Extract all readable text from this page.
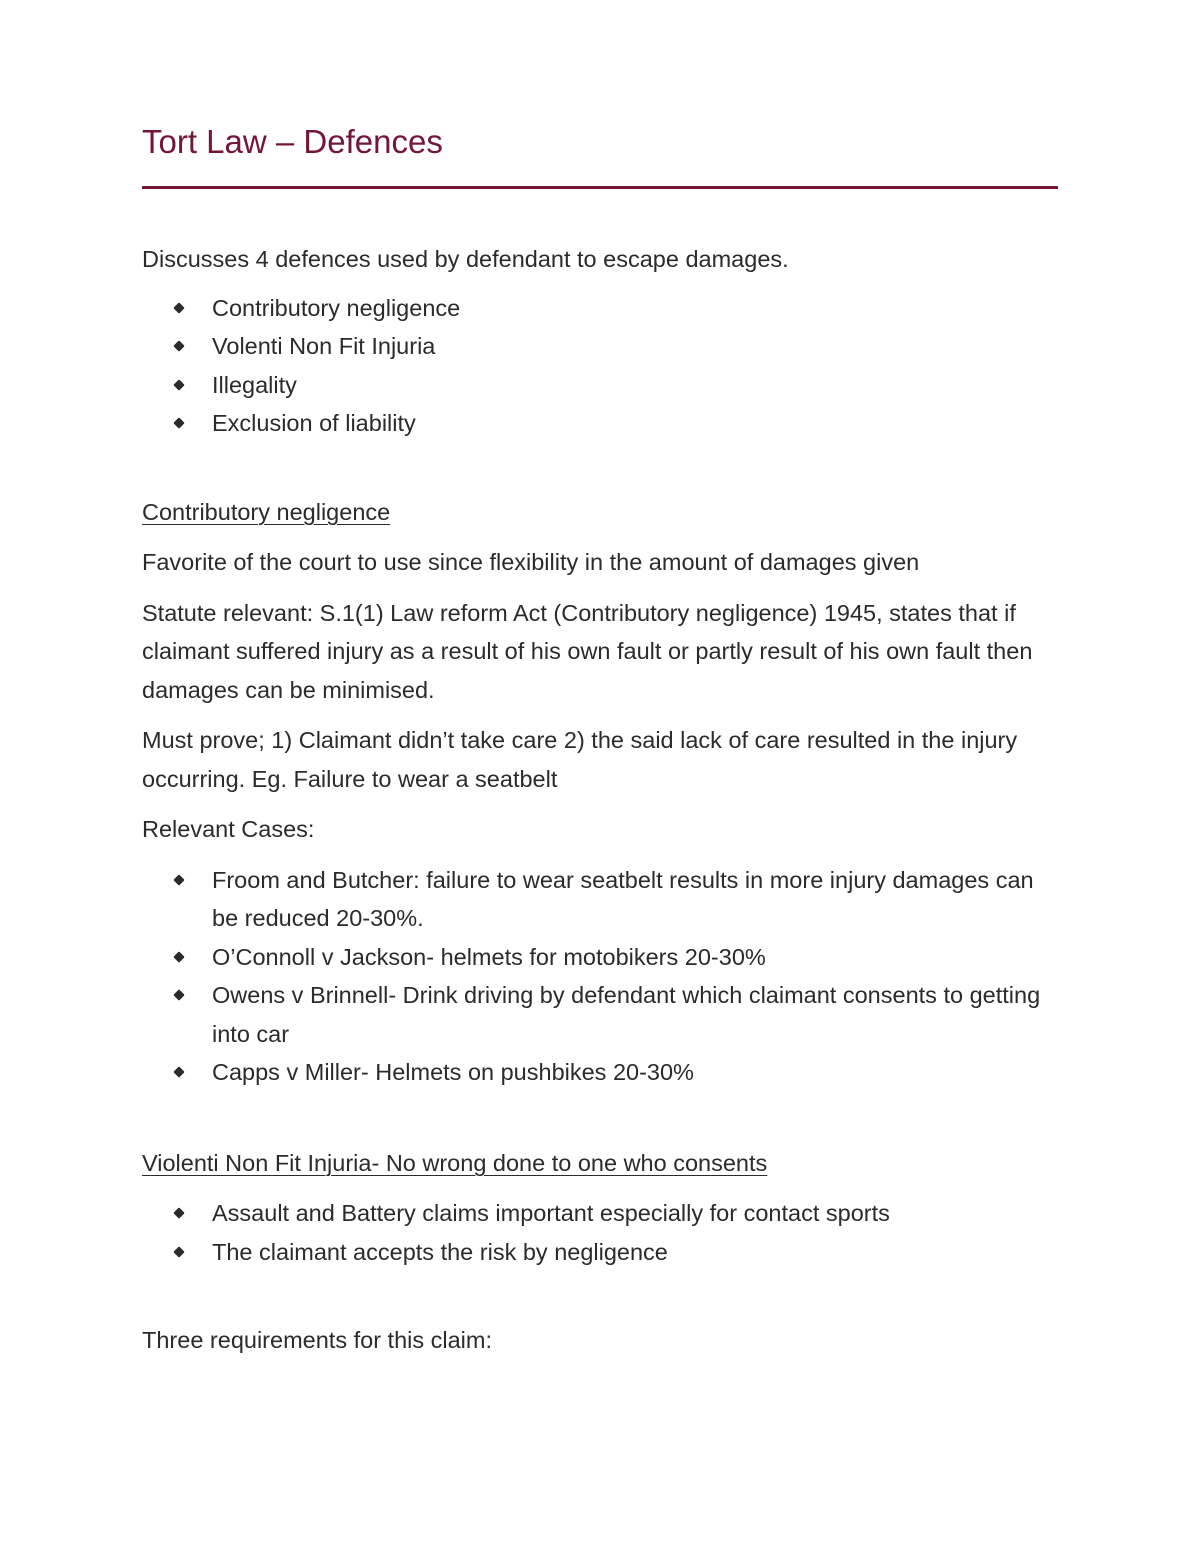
Tort Law – Defences

Discusses 4 defences used by defendant to escape damages.

Contributory negligence
Volenti Non Fit Injuria
Illegality
Exclusion of liability

Contributory negligence

Favorite of the court to use since flexibility in the amount of damages given

Statute relevant: S.1(1) Law reform Act (Contributory negligence) 1945, states that if claimant suffered injury as a result of his own fault or partly result of his own fault then damages can be minimised.

Must prove; 1) Claimant didn’t take care 2) the said lack of care resulted in the injury occurring. Eg. Failure to wear a seatbelt

Relevant Cases:

Froom and Butcher: failure to wear seatbelt results in more injury damages can be reduced 20-30%.
O’Connoll v Jackson- helmets for motobikers 20-30%
Owens v Brinnell- Drink driving by defendant which claimant consents to getting into car
Capps v Miller- Helmets on pushbikes 20-30%

Violenti Non Fit Injuria- No wrong done to one who consents

Assault and Battery claims important especially for contact sports
The claimant accepts the risk by negligence

Three requirements for this claim:
